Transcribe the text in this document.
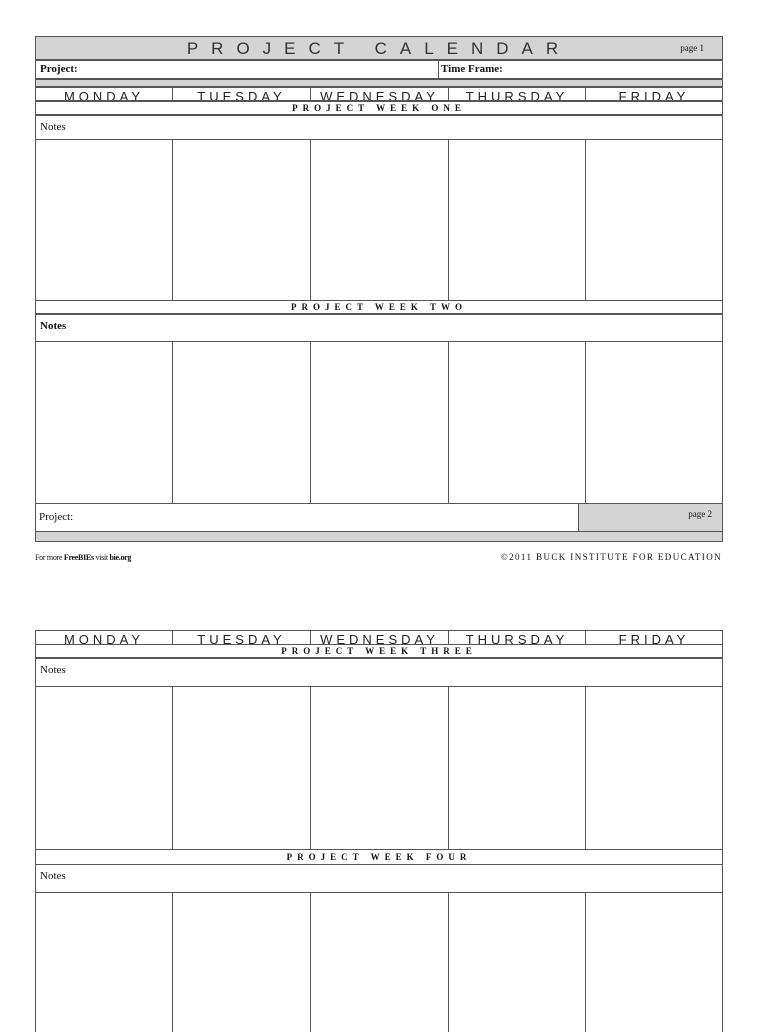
PROJECT CALENDAR	page 1
Project:	Time Frame:
MONDAY	TUESDAY	WEDNESDAY	THURSDAY	FRIDAY
PROJECT WEEK ONE
Notes
PROJECT WEEK TWO
Notes
Project:	page 2
For more FreeBIEs visit bie.org	©2011 BUCK INSTITUTE FOR EDUCATION
MONDAY	TUESDAY	WEDNESDAY	THURSDAY	FRIDAY
PROJECT WEEK THREE
Notes
PROJECT WEEK FOUR
Notes
